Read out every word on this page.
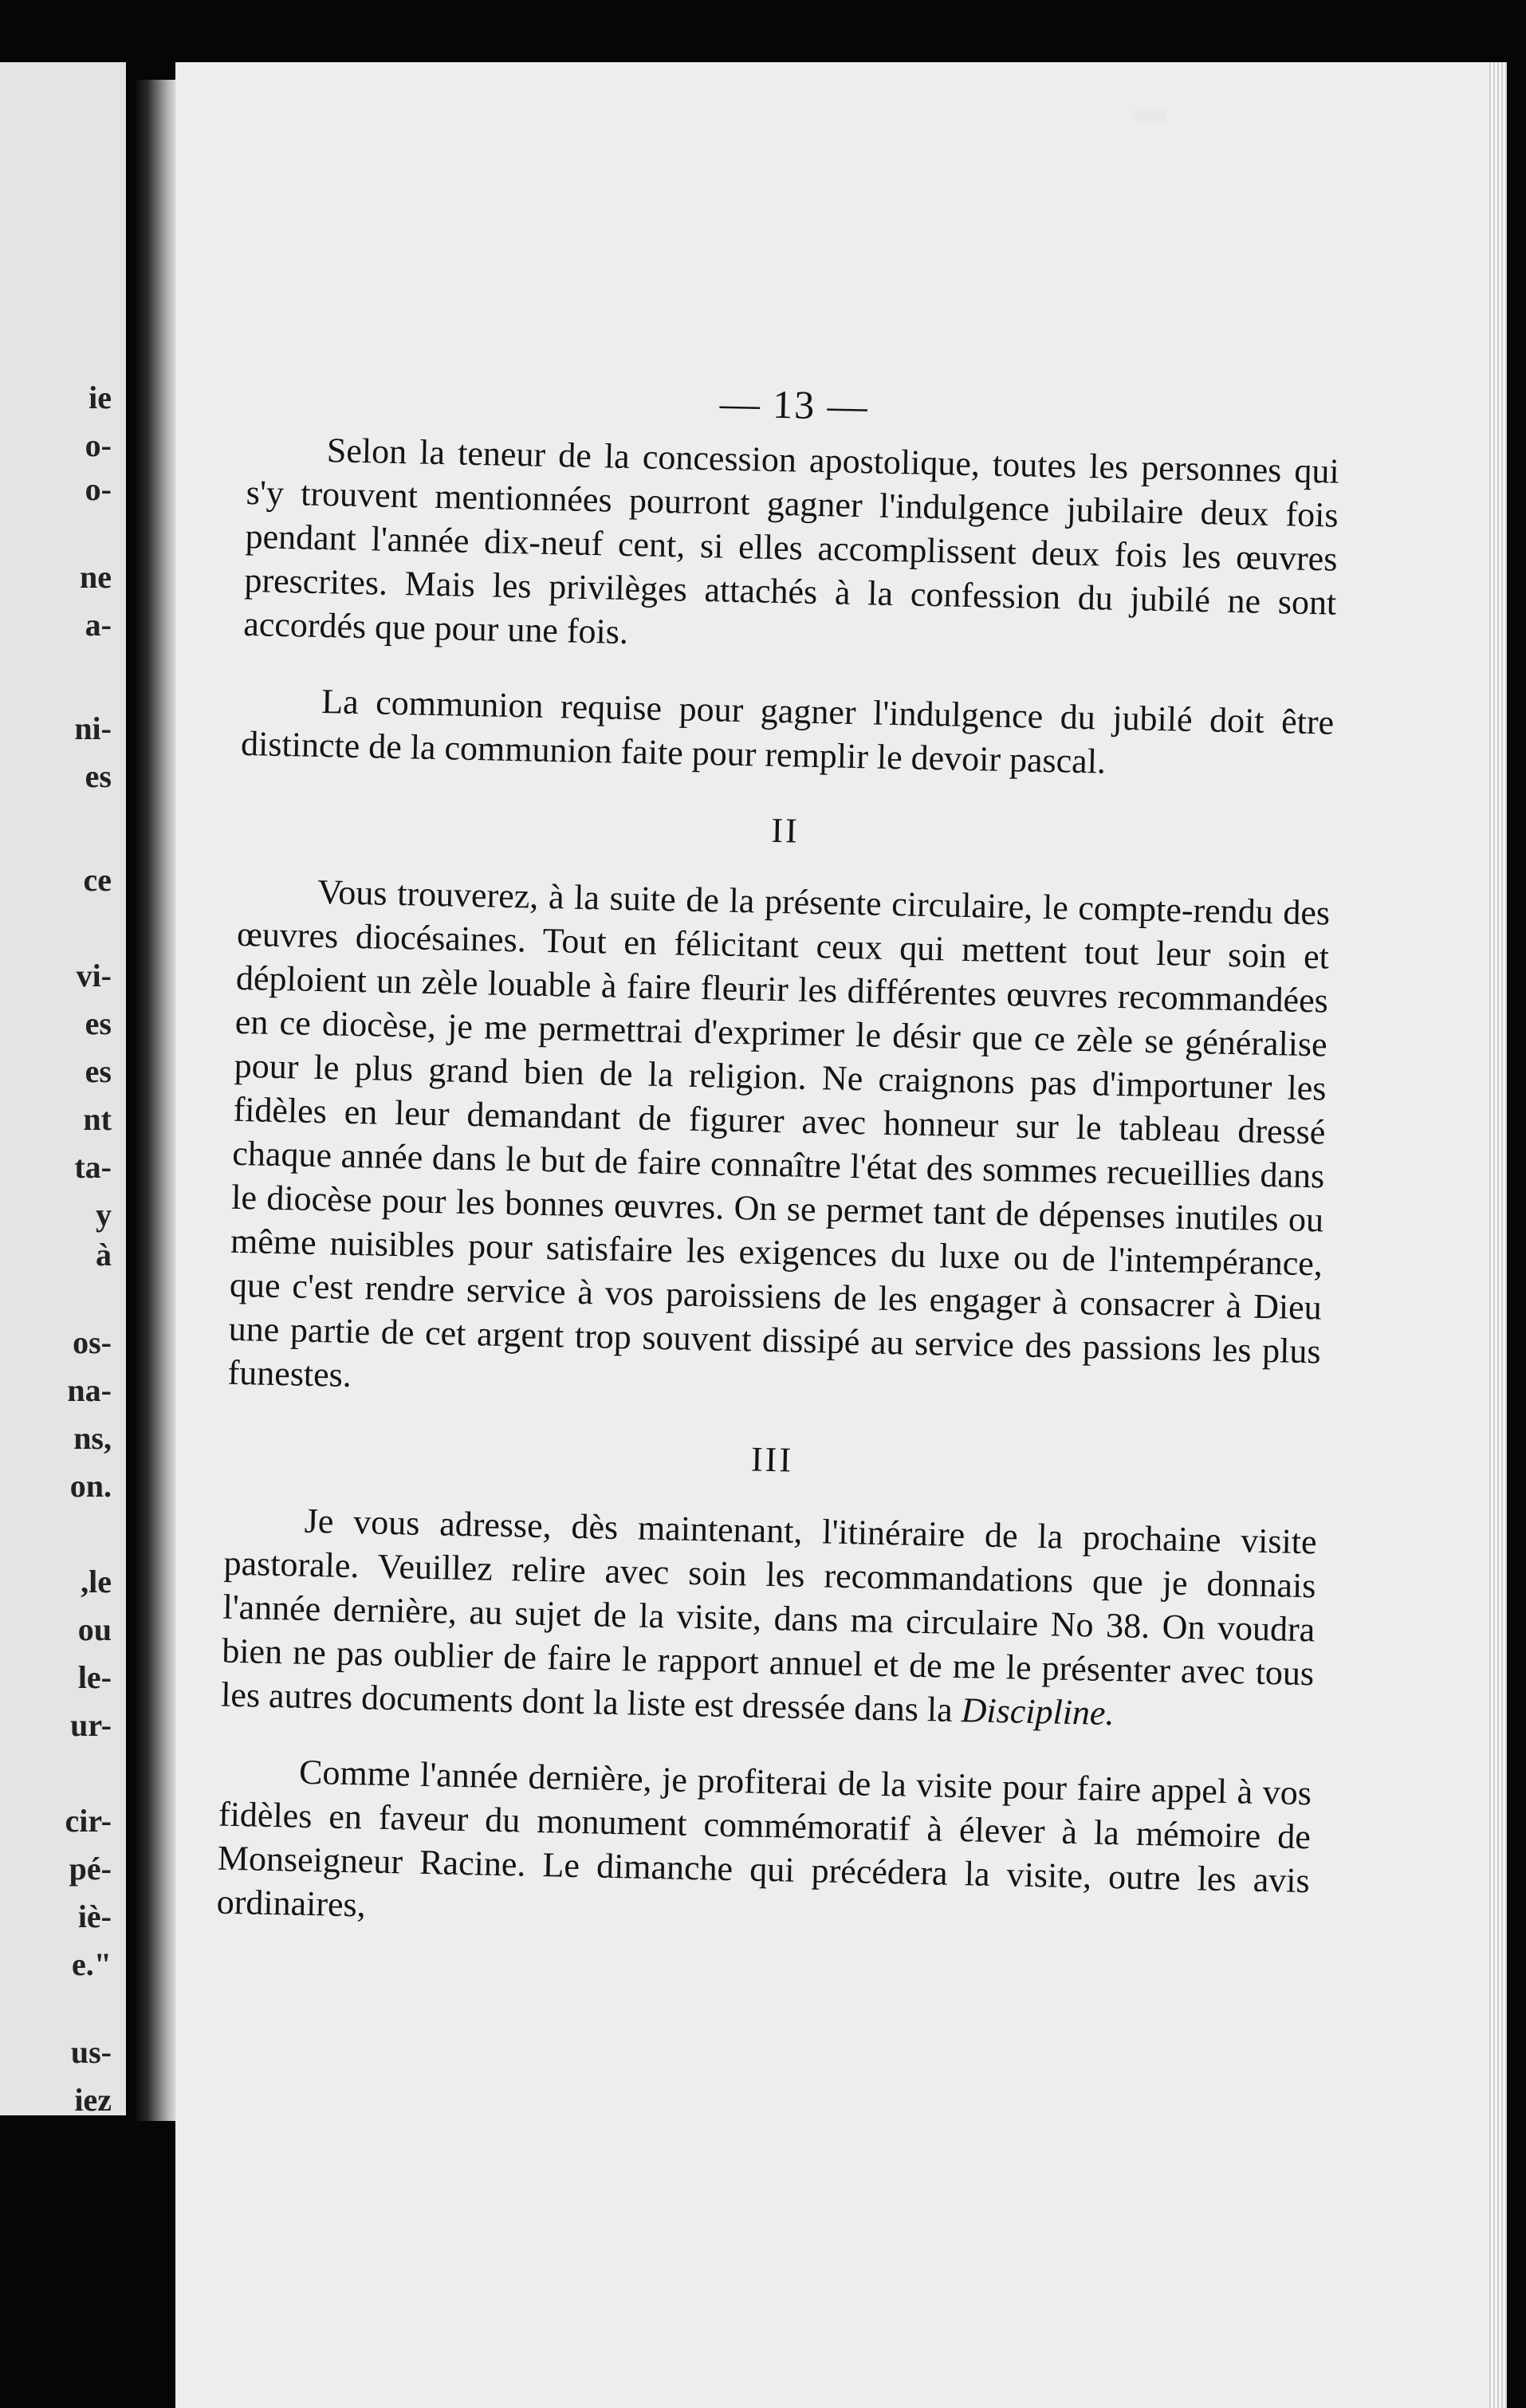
ie
o-
o-
ne
a-
ni-
es
ce
vi-
es
es
nt
ta-
y
à
os-
na-
ns,
on.
,le
ou
le-
ur-
cir-
pé-
iè-
e."
us-
iez
— 13 —

Selon la teneur de la concession apostolique, toutes les personnes qui s'y trouvent mentionnées pourront gagner l'indulgence jubilaire deux fois pendant l'année dix-neuf cent, si elles accomplissent deux fois les œuvres prescrites. Mais les privilèges attachés à la confession du jubilé ne sont accordés que pour une fois.

La communion requise pour gagner l'indulgence du jubilé doit être distincte de la communion faite pour remplir le devoir pascal.

II

Vous trouverez, à la suite de la présente circulaire, le compte-rendu des œuvres diocésaines. Tout en félicitant ceux qui mettent tout leur soin et déploient un zèle louable à faire fleurir les différentes œuvres recommandées en ce diocèse, je me permettrai d'exprimer le désir que ce zèle se généralise pour le plus grand bien de la religion. Ne craignons pas d'importuner les fidèles en leur demandant de figurer avec honneur sur le tableau dressé chaque année dans le but de faire connaître l'état des sommes recueillies dans le diocèse pour les bonnes œuvres. On se permet tant de dépenses inutiles ou même nuisibles pour satisfaire les exigences du luxe ou de l'intempérance, que c'est rendre service à vos paroissiens de les engager à consacrer à Dieu une partie de cet argent trop souvent dissipé au service des passions les plus funestes.

III

Je vous adresse, dès maintenant, l'itinéraire de la prochaine visite pastorale. Veuillez relire avec soin les recommandations que je donnais l'année dernière, au sujet de la visite, dans ma circulaire No 38. On voudra bien ne pas oublier de faire le rapport annuel et de me le présenter avec tous les autres documents dont la liste est dressée dans la Discipline.

Comme l'année dernière, je profiterai de la visite pour faire appel à vos fidèles en faveur du monument commémoratif à élever à la mémoire de Monseigneur Racine. Le dimanche qui précédera la visite, outre les avis ordinaires,
